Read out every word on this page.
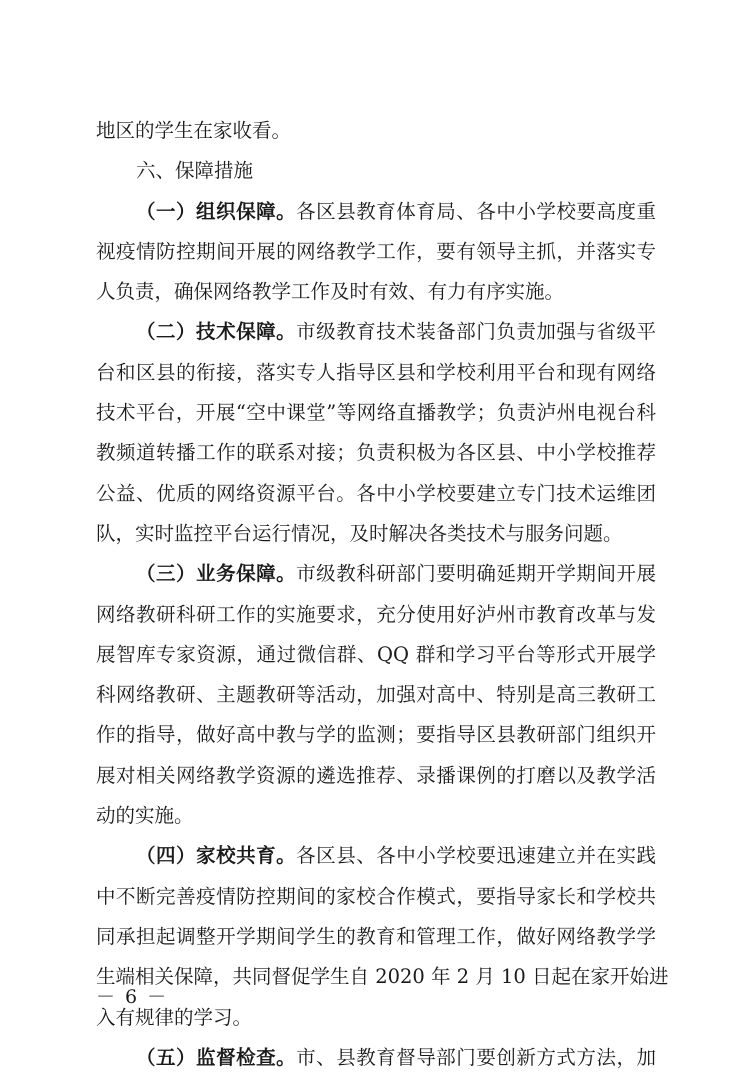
地区的学生在家收看。
六、保障措施
（一）组织保障。各区县教育体育局、各中小学校要高度重
视疫情防控期间开展的网络教学工作，要有领导主抓，并落实专
人负责，确保网络教学工作及时有效、有力有序实施。
（二）技术保障。市级教育技术装备部门负责加强与省级平
台和区县的衔接，落实专人指导区县和学校利用平台和现有网络
技术平台，开展“空中课堂”等网络直播教学；负责泸州电视台科
教频道转播工作的联系对接；负责积极为各区县、中小学校推荐
公益、优质的网络资源平台。各中小学校要建立专门技术运维团
队，实时监控平台运行情况，及时解决各类技术与服务问题。
（三）业务保障。市级教科研部门要明确延期开学期间开展
网络教研科研工作的实施要求，充分使用好泸州市教育改革与发
展智库专家资源，通过微信群、QQ 群和学习平台等形式开展学
科网络教研、主题教研等活动，加强对高中、特别是高三教研工
作的指导，做好高中教与学的监测；要指导区县教研部门组织开
展对相关网络教学资源的遴选推荐、录播课例的打磨以及教学活
动的实施。
（四）家校共育。各区县、各中小学校要迅速建立并在实践
中不断完善疫情防控期间的家校合作模式，要指导家长和学校共
同承担起调整开学期间学生的教育和管理工作，做好网络教学学
生端相关保障，共同督促学生自 2020 年 2 月 10 日起在家开始进
入有规律的学习。
（五）监督检查。市、县教育督导部门要创新方式方法，加
－ 6 －
